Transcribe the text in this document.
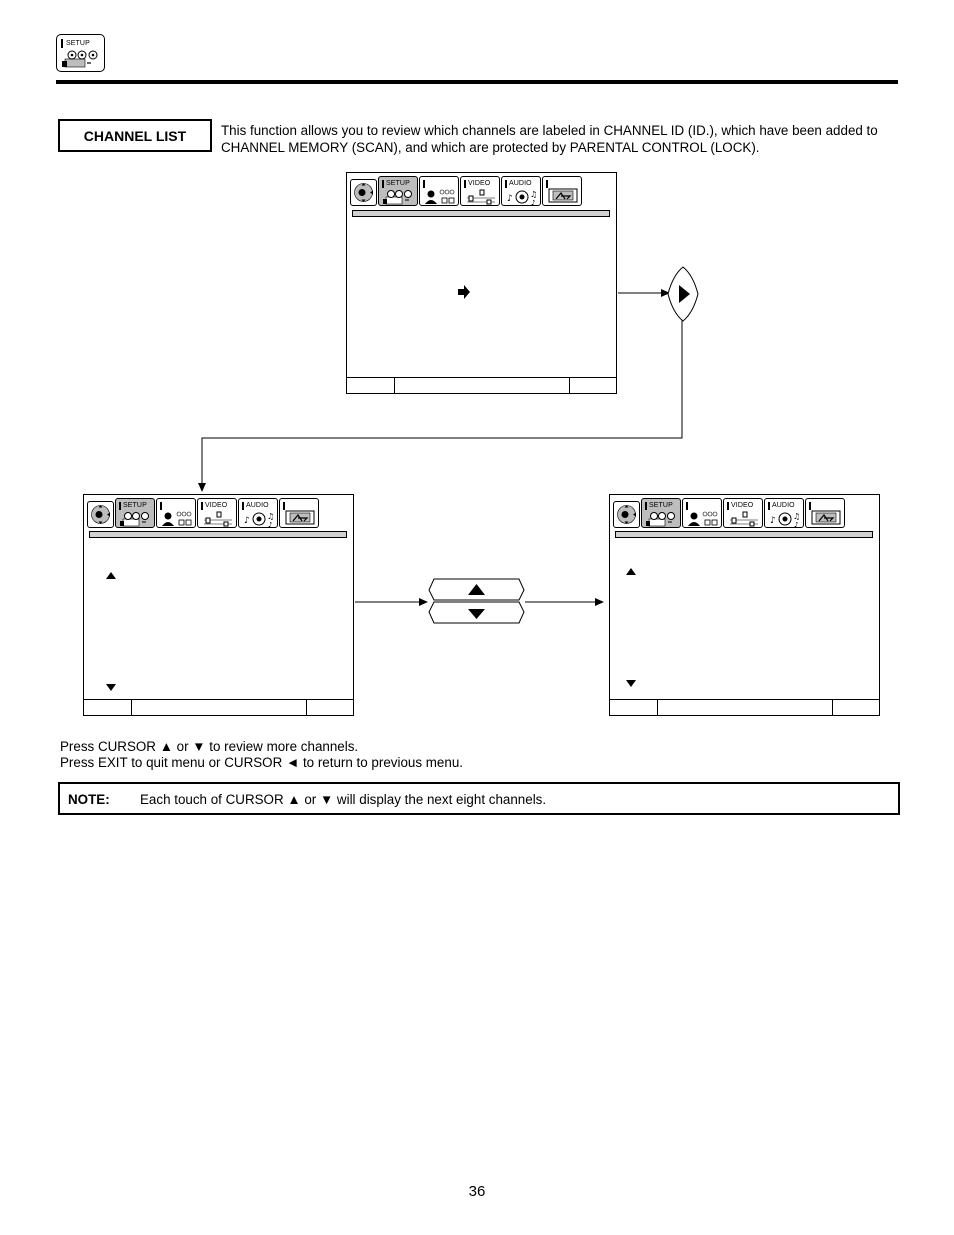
SETUP
CHANNEL LIST	This function allows you to review which channels are labeled in CHANNEL ID (ID.), which have been added to CHANNEL MEMORY (SCAN), and which are protected by PARENTAL CONTROL (LOCK).
SETUP	VIDEO	AUDIO
♪ ♫
♪
SETUP	VIDEO	AUDIO
♪ ♫
♪
SETUP	VIDEO	AUDIO
♪ ♫
♪
Press CURSOR ▲ or ▼ to review more channels.
Press EXIT to quit menu or CURSOR ◄ to return to previous menu.
NOTE: Each touch of CURSOR ▲ or ▼ will display the next eight channels.
36
